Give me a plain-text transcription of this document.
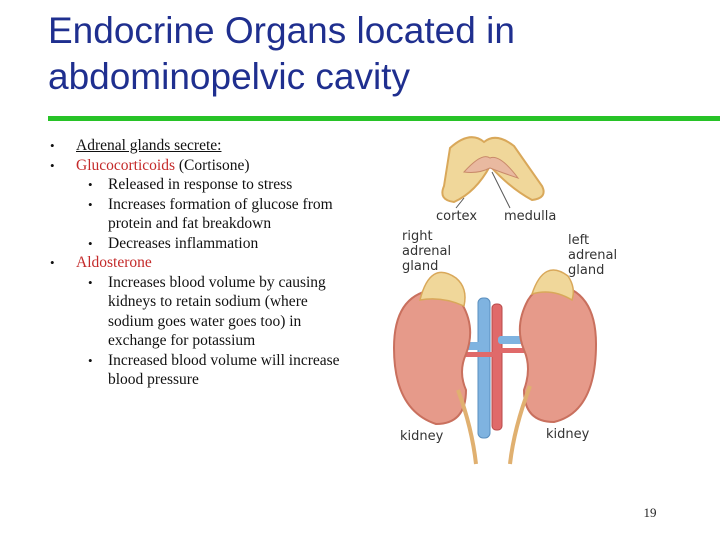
Endocrine Organs located in
abdominopelvic cavity
• Adrenal glands secrete:
• Glucocorticoids (Cortisone)
• Released in response to stress
• Increases formation of glucose from protein and fat breakdown
• Decreases inflammation
• Aldosterone
• Increases blood volume by causing kidneys to retain sodium (where sodium goes water goes too) in exchange for potassium
• Increased blood volume will increase blood pressure
cortex medulla
right
adrenal
gland
left
adrenal
gland
kidney	kidney
19
